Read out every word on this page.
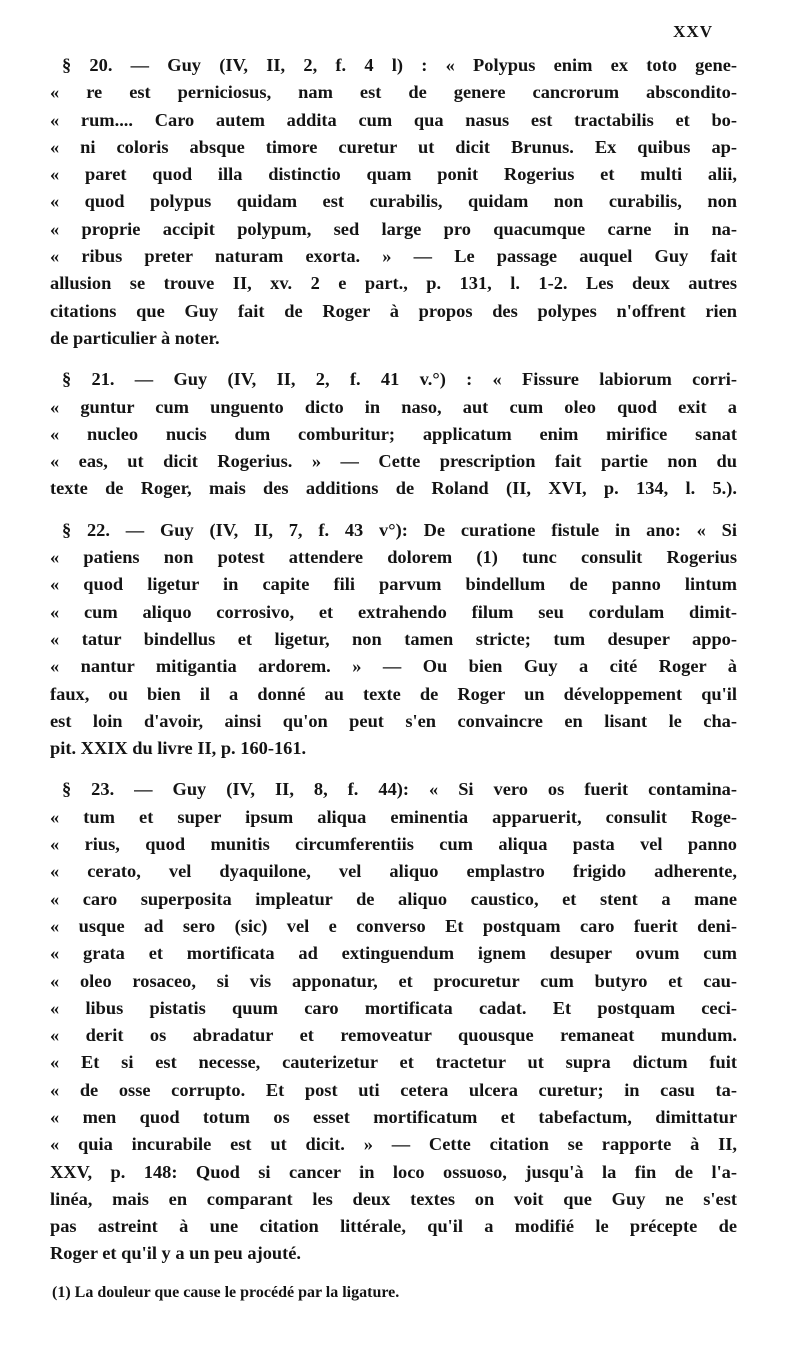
XXV
§ 20. — Guy (IV, II, 2, f. 4 l) : « Polypus enim ex toto gene-
« re est perniciosus, nam est de genere cancrorum abscondito-
« rum.... Caro autem addita cum qua nasus est tractabilis et bo-
« ni coloris absque timore curetur ut dicit Brunus. Ex quibus ap-
« paret quod illa distinctio quam ponit Rogerius et multi alii,
« quod polypus quidam est curabilis, quidam non curabilis, non
« proprie accipit polypum, sed large pro quacumque carne in na-
« ribus preter naturam exorta. » — Le passage auquel Guy fait
allusion se trouve II, xv. 2 e part., p. 131, l. 1-2. Les deux autres
citations que Guy fait de Roger à propos des polypes n'offrent rien
de particulier à noter.
§ 21. — Guy (IV, II, 2, f. 41 v.°) : « Fissure labiorum corri-
« guntur cum unguento dicto in naso, aut cum oleo quod exit a
« nucleo nucis dum comburitur; applicatum enim mirifice sanat
« eas, ut dicit Rogerius. » — Cette prescription fait partie non du
texte de Roger, mais des additions de Roland (II, XVI, p. 134, l. 5.).
§ 22. — Guy (IV, II, 7, f. 43 v°): De curatione fistule in ano: « Si
« patiens non potest attendere dolorem (1) tunc consulit Rogerius
« quod ligetur in capite fili parvum bindellum de panno lintum
« cum aliquo corrosivo, et extrahendo filum seu cordulam dimit-
« tatur bindellus et ligetur, non tamen stricte; tum desuper appo-
« nantur mitigantia ardorem. » — Ou bien Guy a cité Roger à
faux, ou bien il a donné au texte de Roger un développement qu'il
est loin d'avoir, ainsi qu'on peut s'en convaincre en lisant le cha-
pit. XXIX du livre II, p. 160-161.
§ 23. — Guy (IV, II, 8, f. 44): « Si vero os fuerit contamina-
« tum et super ipsum aliqua eminentia apparuerit, consulit Roge-
« rius, quod munitis circumferentiis cum aliqua pasta vel panno
« cerato, vel dyaquilone, vel aliquo emplastro frigido adherente,
« caro superposita impleatur de aliquo caustico, et stent a mane
« usque ad sero (sic) vel e converso Et postquam caro fuerit deni-
« grata et mortificata ad extinguendum ignem desuper ovum cum
« oleo rosaceo, si vis apponatur, et procuretur cum butyro et cau-
« libus pistatis quum caro mortificata cadat. Et postquam ceci-
« derit os abradatur et removeatur quousque remaneat mundum.
« Et si est necesse, cauterizetur et tractetur ut supra dictum fuit
« de osse corrupto. Et post uti cetera ulcera curetur; in casu ta-
« men quod totum os esset mortificatum et tabefactum, dimittatur
« quia incurabile est ut dicit. » — Cette citation se rapporte à II,
XXV, p. 148: Quod si cancer in loco ossuoso, jusqu'à la fin de l'a-
linéa, mais en comparant les deux textes on voit que Guy ne s'est
pas astreint à une citation littérale, qu'il a modifié le précepte de
Roger et qu'il y a un peu ajouté.
(1) La douleur que cause le procédé par la ligature.
